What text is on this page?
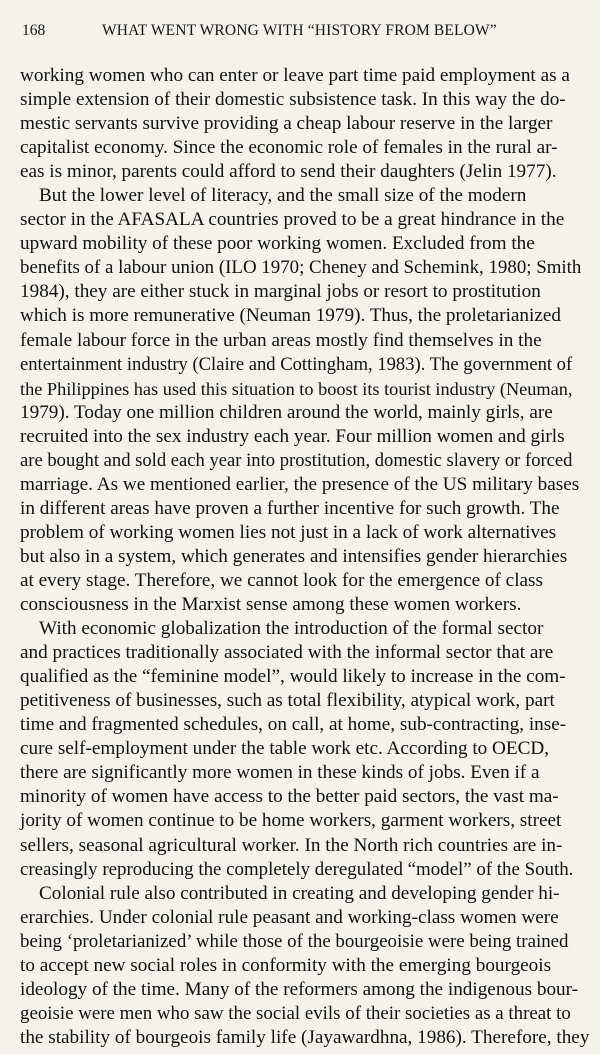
168	WHAT WENT WRONG WITH “HISTORY FROM BELOW”
working women who can enter or leave part time paid employment as a
simple extension of their domestic subsistence task. In this way the do-
mestic servants survive providing a cheap labour reserve in the larger
capitalist economy. Since the economic role of females in the rural ar-
eas is minor, parents could afford to send their daughters (Jelin 1977).
But the lower level of literacy, and the small size of the modern
sector in the AFASALA countries proved to be a great hindrance in the
upward mobility of these poor working women. Excluded from the
benefits of a labour union (ILO 1970; Cheney and Schemink, 1980; Smith
1984), they are either stuck in marginal jobs or resort to prostitution
which is more remunerative (Neuman 1979). Thus, the proletarianized
female labour force in the urban areas mostly find themselves in the
entertainment industry (Claire and Cottingham, 1983). The government of
the Philippines has used this situation to boost its tourist industry (Neuman,
1979). Today one million children around the world, mainly girls, are
recruited into the sex industry each year. Four million women and girls
are bought and sold each year into prostitution, domestic slavery or forced
marriage. As we mentioned earlier, the presence of the US military bases
in different areas have proven a further incentive for such growth. The
problem of working women lies not just in a lack of work alternatives
but also in a system, which generates and intensifies gender hierarchies
at every stage. Therefore, we cannot look for the emergence of class
consciousness in the Marxist sense among these women workers.
With economic globalization the introduction of the formal sector
and practices traditionally associated with the informal sector that are
qualified as the “feminine model”, would likely to increase in the com-
petitiveness of businesses, such as total flexibility, atypical work, part
time and fragmented schedules, on call, at home, sub-contracting, inse-
cure self-employment under the table work etc. According to OECD,
there are significantly more women in these kinds of jobs. Even if a
minority of women have access to the better paid sectors, the vast ma-
jority of women continue to be home workers, garment workers, street
sellers, seasonal agricultural worker. In the North rich countries are in-
creasingly reproducing the completely deregulated “model” of the South.
Colonial rule also contributed in creating and developing gender hi-
erarchies. Under colonial rule peasant and working-class women were
being ‘proletarianized’ while those of the bourgeoisie were being trained
to accept new social roles in conformity with the emerging bourgeois
ideology of the time. Many of the reformers among the indigenous bour-
geoisie were men who saw the social evils of their societies as a threat to
the stability of bourgeois family life (Jayawardhna, 1986). Therefore, they
